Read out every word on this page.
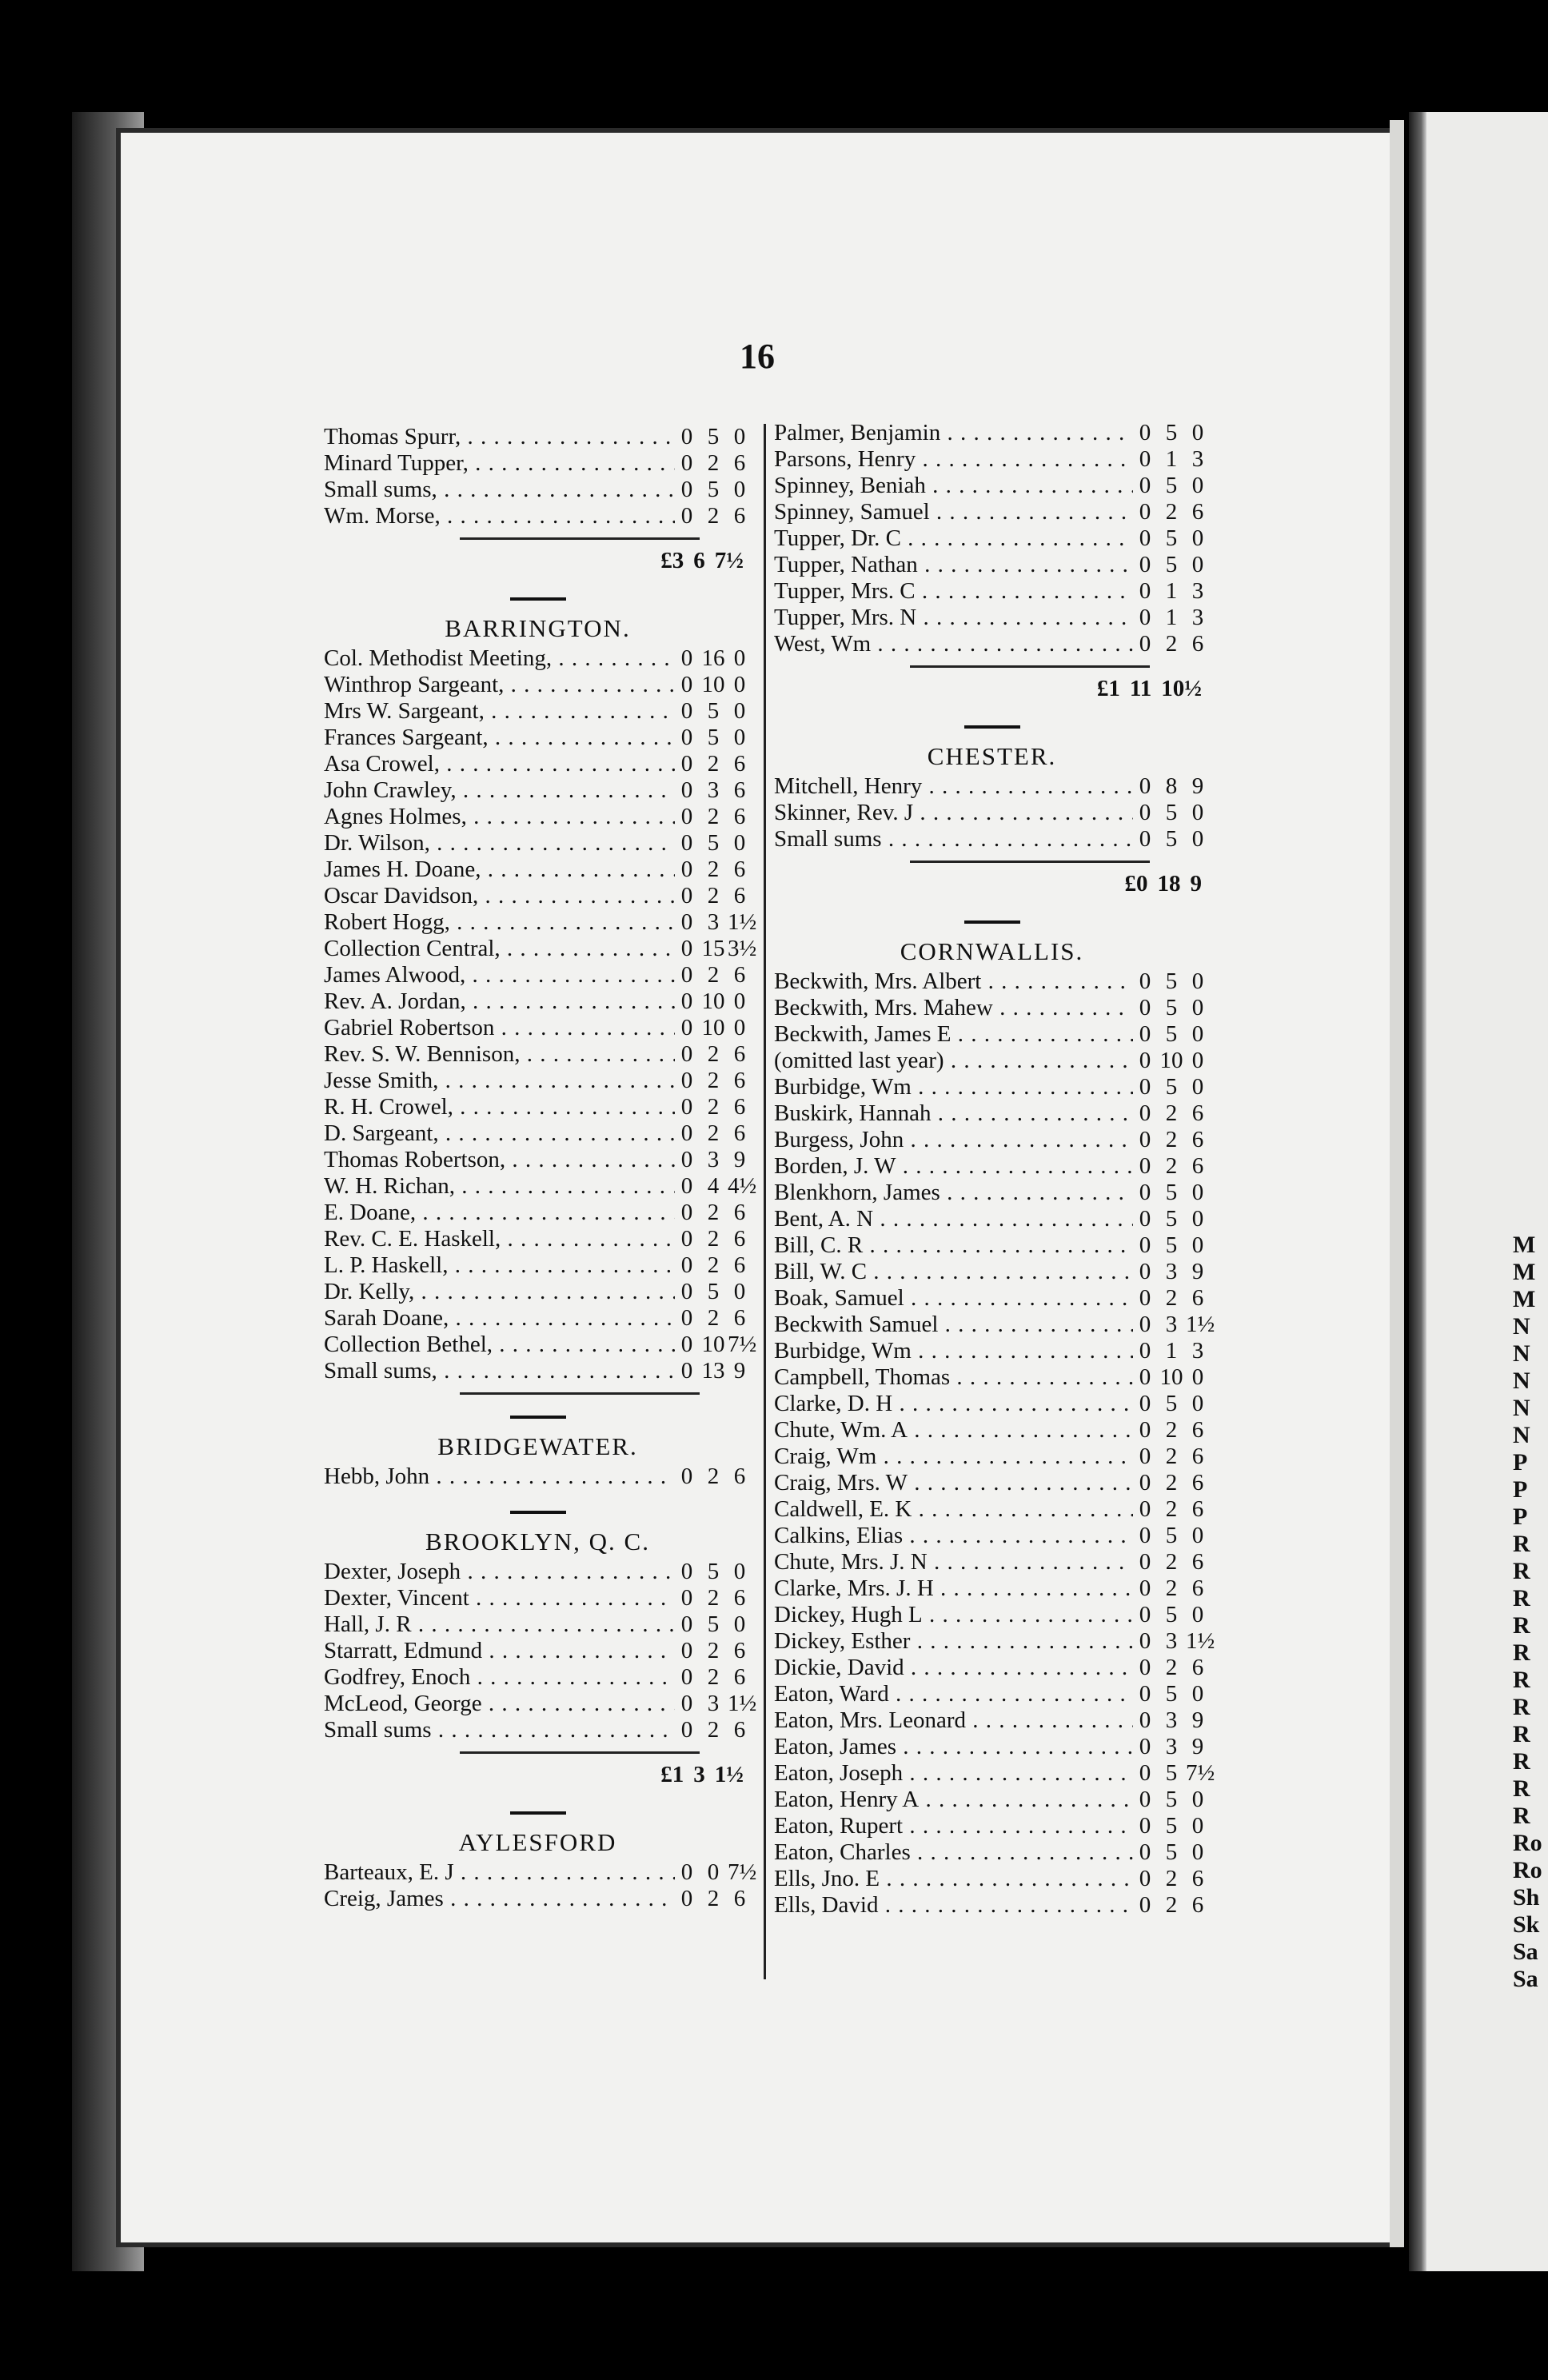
M
M
M
N
N
N
N
N
P
P
P
R
R
R
R
R
R
R
R
R
R
R
Ro
Ro
Sh
Sk
Sa
Sa
16
Thomas Spurr, . . .	0 5 0
Minard Tupper, . . .	0 2 6
Small sums, . . .	0 5 0
Wm. Morse, . . .	0 2 6
£3 6 7½
BARRINGTON.
Col. Methodist Meeting, . . .	0 16 0
Winthrop Sargeant, . . .	0 10 0
Mrs W. Sargeant, . . .	0 5 0
Frances Sargeant, . . .	0 5 0
Asa Crowel, . . .	0 2 6
John Crawley, . . .	0 3 6
Agnes Holmes, . . .	0 2 6
Dr. Wilson, . . .	0 5 0
James H. Doane, . . .	0 2 6
Oscar Davidson, . . .	0 2 6
Robert Hogg, . . .	0 3 1½
Collection Central, . . .	0 15 3½
James Alwood, . . .	0 2 6
Rev. A. Jordan, . . .	0 10 0
Gabriel Robertson . . .	0 10 0
Rev. S. W. Bennison, . . .	0 2 6
Jesse Smith, . . .	0 2 6
R. H. Crowel, . . .	0 2 6
D. Sargeant, . . .	0 2 6
Thomas Robertson, . . .	0 3 9
W. H. Richan, . . .	0 4 4½
E. Doane, . . .	0 2 6
Rev. C. E. Haskell, . . .	0 2 6
L. P. Haskell, . . .	0 2 6
Dr. Kelly, . . .	0 5 0
Sarah Doane, . . .	0 2 6
Collection Bethel, . . .	0 10 7½
Small sums, . . .	0 13 9
BRIDGEWATER.
Hebb, John . . .	0 2 6
BROOKLYN, Q. C.
Dexter, Joseph . . .	0 5 0
Dexter, Vincent . . .	0 2 6
Hall, J. R . . .	0 5 0
Starratt, Edmund . . .	0 2 6
Godfrey, Enoch . . .	0 2 6
McLeod, George . . .	0 3 1½
Small sums . . .	0 2 6
£1 3 1½
AYLESFORD
Barteaux, E. J . . .	0 0 7½
Creig, James . . .	0 2 6
Palmer, Benjamin . . .	0 5 0
Parsons, Henry . . .	0 1 3
Spinney, Beniah . . .	0 5 0
Spinney, Samuel . . .	0 2 6
Tupper, Dr. C . . .	0 5 0
Tupper, Nathan . . .	0 5 0
Tupper, Mrs. C . . .	0 1 3
Tupper, Mrs. N . . .	0 1 3
West, Wm . . .	0 2 6
£1 11 10½
CHESTER.
Mitchell, Henry . . .	0 8 9
Skinner, Rev. J . . .	0 5 0
Small sums . . .	0 5 0
£0 18 9
CORNWALLIS.
Beckwith, Mrs. Albert . . .	0 5 0
Beckwith, Mrs. Mahew . . .	0 5 0
Beckwith, James E . . .	0 5 0
(omitted last year) . . .	0 10 0
Burbidge, Wm . . .	0 5 0
Buskirk, Hannah . . .	0 2 6
Burgess, John . . .	0 2 6
Borden, J. W . . .	0 2 6
Blenkhorn, James . . .	0 5 0
Bent, A. N . . .	0 5 0
Bill, C. R . . .	0 5 0
Bill, W. C . . .	0 3 9
Boak, Samuel . . .	0 2 6
Beckwith Samuel . . .	0 3 1½
Burbidge, Wm . . .	0 1 3
Campbell, Thomas . . .	0 10 0
Clarke, D. H . . .	0 5 0
Chute, Wm. A . . .	0 2 6
Craig, Wm . . .	0 2 6
Craig, Mrs. W . . .	0 2 6
Caldwell, E. K . . .	0 2 6
Calkins, Elias . . .	0 5 0
Chute, Mrs. J. N . . .	0 2 6
Clarke, Mrs. J. H . . .	0 2 6
Dickey, Hugh L . . .	0 5 0
Dickey, Esther . . .	0 3 1½
Dickie, David . . .	0 2 6
Eaton, Ward . . .	0 5 0
Eaton, Mrs. Leonard . . .	0 3 9
Eaton, James . . .	0 3 9
Eaton, Joseph . . .	0 5 7½
Eaton, Henry A . . .	0 5 0
Eaton, Rupert . . .	0 5 0
Eaton, Charles . . .	0 5 0
Ells, Jno. E . . .	0 2 6
Ells, David . . .	0 2 6
